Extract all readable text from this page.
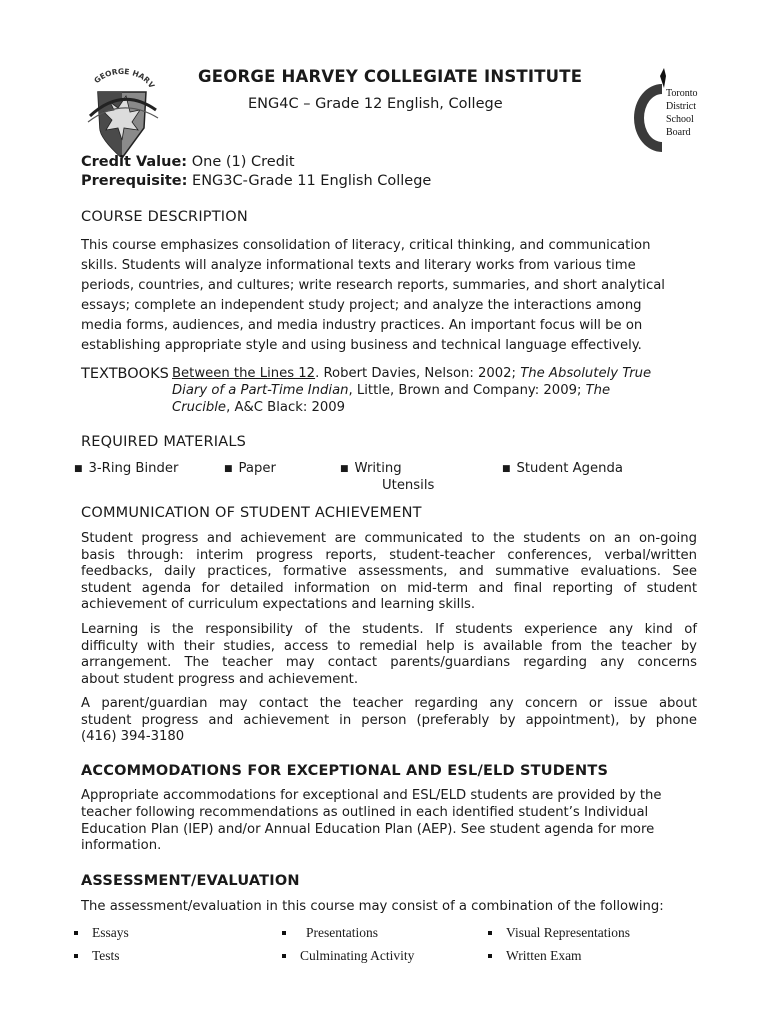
GEORGE HARV
Toronto
District
School
Board
GEORGE HARVEY COLLEGIATE INSTITUTE
ENG4C – Grade 12 English, College
Credit Value: One (1) Credit
Prerequisite: ENG3C-Grade 11 English College
COURSE DESCRIPTION
This course emphasizes consolidation of literacy, critical thinking, and communication
skills. Students will analyze informational texts and literary works from various time
periods, countries, and cultures; write research reports, summaries, and short analytical
essays; complete an independent study project; and analyze the interactions among
media forms, audiences, and media industry practices. An important focus will be on
establishing appropriate style and using business and technical language effectively.
TEXTBOOKS Between the Lines 12. Robert Davies, Nelson: 2002; The Absolutely True
Diary of a Part-Time Indian, Little, Brown and Company: 2009; The
Crucible, A&C Black: 2009
REQUIRED MATERIALS
■ 3-Ring Binder	■ Paper	■ Writing
Utensils
■ Student Agenda
COMMUNICATION OF STUDENT ACHIEVEMENT
Student progress and achievement are communicated to the students on an on-going
basis through: interim progress reports, student-teacher conferences, verbal/written
feedbacks, daily practices, formative assessments, and summative evaluations. See
student agenda for detailed information on mid-term and final reporting of student
achievement of curriculum expectations and learning skills.
Learning is the responsibility of the students. If students experience any kind of
difficulty with their studies, access to remedial help is available from the teacher by
arrangement. The teacher may contact parents/guardians regarding any concerns
about student progress and achievement.
A parent/guardian may contact the teacher regarding any concern or issue about
student progress and achievement in person (preferably by appointment), by phone
(416) 394-3180
ACCOMMODATIONS FOR EXCEPTIONAL AND ESL/ELD STUDENTS
Appropriate accommodations for exceptional and ESL/ELD students are provided by the
teacher following recommendations as outlined in each identified student’s Individual
Education Plan (IEP) and/or Annual Education Plan (AEP). See student agenda for more
information.
ASSESSMENT/EVALUATION
The assessment/evaluation in this course may consist of a combination of the following:
Essays	Presentations	Visual Representations
Tests	Culminating Activity	Written Exam
